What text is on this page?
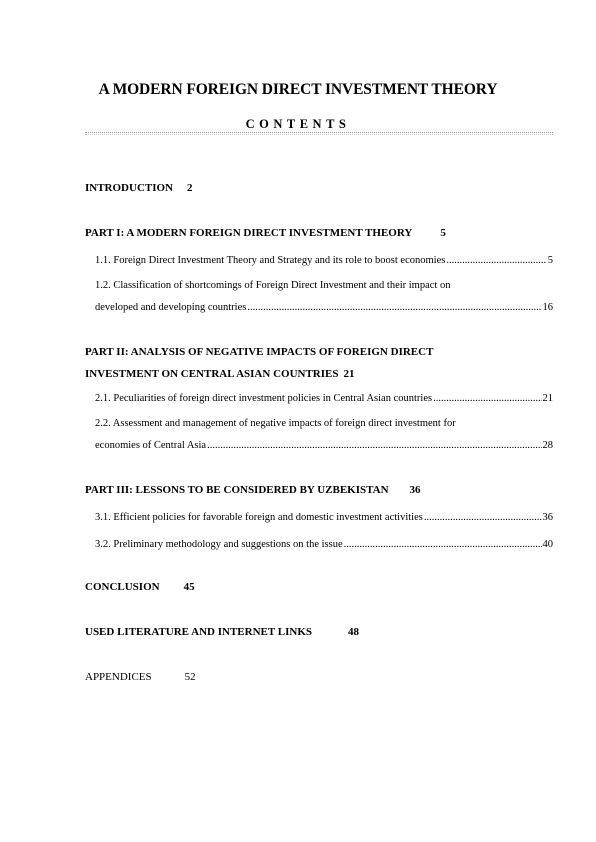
A MODERN FOREIGN DIRECT INVESTMENT THEORY
CONTENTS
INTRODUCTION 2
PART I: A MODERN FOREIGN DIRECT INVESTMENT THEORY	5
1.1. Foreign Direct Investment Theory and Strategy and its role to boost economies .....	5
1.2. Classification of shortcomings of Foreign Direct Investment and their impact on
developed and developing countries .....	16
PART II: ANALYSIS OF NEGATIVE IMPACTS OF FOREIGN DIRECT
INVESTMENT ON CENTRAL ASIAN COUNTRIES 21
2.1. Peculiarities of foreign direct investment policies in Central Asian countries .....	21
2.2. Assessment and management of negative impacts of foreign direct investment for
economies of Central Asia .....	28
PART III: LESSONS TO BE CONSIDERED BY UZBEKISTAN 36
3.1. Efficient policies for favorable foreign and domestic investment activities .....	36
3.2. Preliminary methodology and suggestions on the issue .....	40
CONCLUSION 45
USED LITERATURE AND INTERNET LINKS	48
APPENDICES	52
